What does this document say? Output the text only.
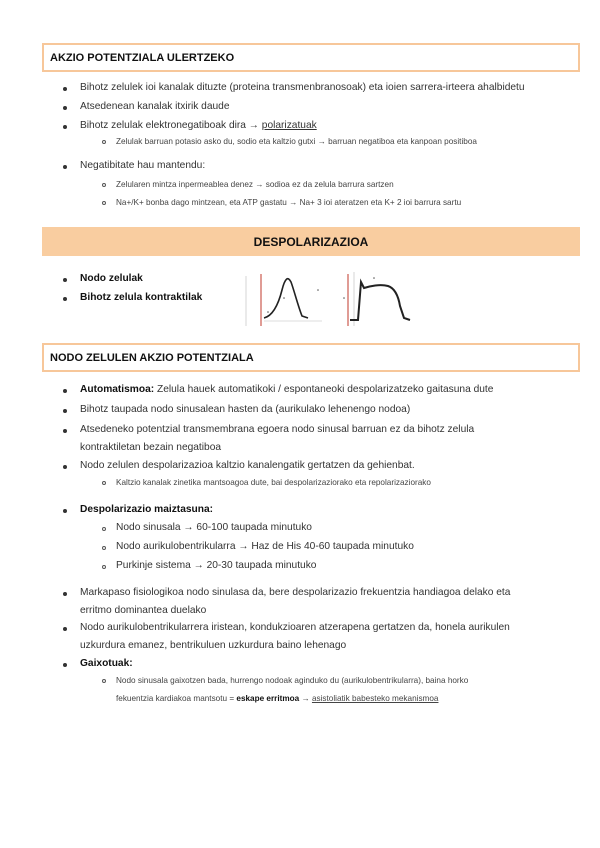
AKZIO POTENTZIALA ULERTZEKO
Bihotz zelulek ioi kanalak dituzte (proteina transmenbranosoak) eta ioien sarrera-irteera ahalbidetu
Atsedenean kanalak itxirik daude
Bihotz zelulak elektronegatiboak dira → polarizatuak
Zelulak barruan potasio asko du, sodio eta kaltzio gutxi → barruan negatiboa eta kanpoan positiboa
Negatibitate hau mantendu:
Zelularen mintza inpermeablea denez → sodioa ez da zelula barrura sartzen
Na+/K+ bonba dago mintzean, eta ATP gastatu → Na+ 3 ioi ateratzen eta K+ 2 ioi barrura sartu
DESPOLARIZAZIOA
Nodo zelulak
Bihotz zelula kontraktilak
NODO ZELULEN AKZIO POTENTZIALA
Automatismoa: Zelula hauek automatikoki / espontaneoki despolarizatzeko gaitasuna dute
Bihotz taupada nodo sinusalean hasten da (aurikulako lehenengo nodoa)
Atsedeneko potentzial transmembrana egoera nodo sinusal barruan ez da bihotz zelula
kontraktiletan bezain negatiboa
Nodo zelulen despolarizazioa kaltzio kanalengatik gertatzen da gehienbat.
Kaltzio kanalak zinetika mantsoagoa dute, bai despolarizaziorako eta repolarizaziorako
Despolarizazio maiztasuna:
Nodo sinusala → 60-100 taupada minutuko
Nodo aurikulobentrikularra → Haz de His 40-60 taupada minutuko
Purkinje sistema → 20-30 taupada minutuko
Markapaso fisiologikoa nodo sinulasa da, bere despolarizazio frekuentzia handiagoa delako eta
erritmo dominantea duelako
Nodo aurikulobentrikularrera iristean, kondukzioaren atzerapena gertatzen da, honela aurikulen
uzkurdura emanez, bentrikuluen uzkurdura baino lehenago
Gaixotuak:
Nodo sinusala gaixotzen bada, hurrengo nodoak aginduko du (aurikulobentrikularra), baina horko
fekuentzia kardiakoa mantsotu = eskape erritmoa → asistoliatik babesteko mekanismoa
